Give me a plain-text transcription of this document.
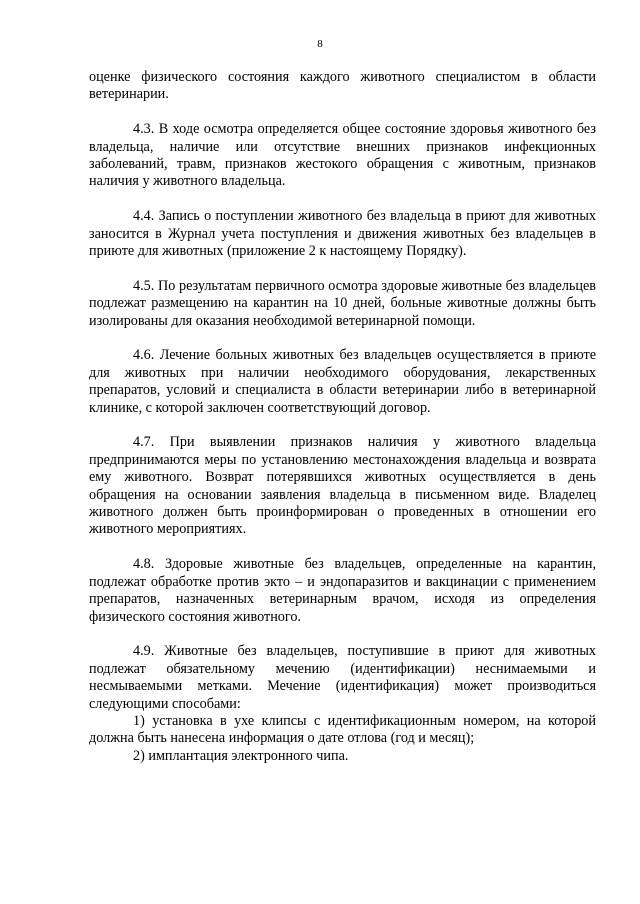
8

оценке физического состояния каждого животного специалистом в области ветеринарии.

4.3. В ходе осмотра определяется общее состояние здоровья животного без владельца, наличие или отсутствие внешних признаков инфекционных заболеваний, травм, признаков жестокого обращения с животным, признаков наличия у животного владельца.

4.4. Запись о поступлении животного без владельца в приют для животных заносится в Журнал учета поступления и движения животных без владельцев в приюте для животных (приложение 2 к настоящему Порядку).

4.5. По результатам первичного осмотра здоровые животные без владельцев подлежат размещению на карантин на 10 дней, больные животные должны быть изолированы для оказания необходимой ветеринарной помощи.

4.6. Лечение больных животных без владельцев осуществляется в приюте для животных при наличии необходимого оборудования, лекарственных препаратов, условий и специалиста в области ветеринарии либо в ветеринарной клинике, с которой заключен соответствующий договор.

4.7. При выявлении признаков наличия у животного владельца предпринимаются меры по установлению местонахождения владельца и возврата ему животного. Возврат потерявшихся животных осуществляется в день обращения на основании заявления владельца в письменном виде. Владелец животного должен быть проинформирован о проведенных в отношении его животного мероприятиях.

4.8. Здоровые животные без владельцев, определенные на карантин, подлежат обработке против экто – и эндопаразитов и вакцинации с применением препаратов, назначенных ветеринарным врачом, исходя из определения физического состояния животного.

4.9. Животные без владельцев, поступившие в приют для животных подлежат обязательному мечению (идентификации) неснимаемыми и несмываемыми метками. Мечение (идентификация) может производиться следующими способами:

1) установка в ухе клипсы с идентификационным номером, на которой должна быть нанесена информация о дате отлова (год и месяц);

2) имплантация электронного чипа.
